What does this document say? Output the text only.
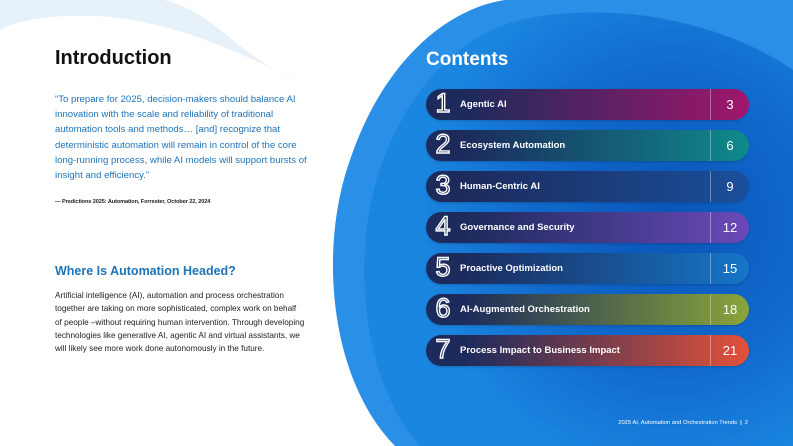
Introduction

“To prepare for 2025, decision-makers should balance AI innovation with the scale and reliability of traditional automation tools and methods… [and] recognize that deterministic automation will remain in control of the core long-running process, while AI models will support bursts of insight and efficiency.”

— Predictions 2025: Automation, Forrester, October 22, 2024

Where Is Automation Headed?

Artificial intelligence (AI), automation and process orchestration together are taking on more sophisticated, complex work on behalf of people –without requiring human intervention. Through developing technologies like generative AI, agentic AI and virtual assistants, we will likely see more work done autonomously in the future.

Contents
1 Agentic AI	3
2 Ecosystem Automation	6
3 Human-Centric AI	9
4 Governance and Security	12
5 Proactive Optimization	15
6 AI-Augmented Orchestration	18
7 Process Impact to Business Impact	21
2025 AI, Automation and Orchestration Trends | 2
